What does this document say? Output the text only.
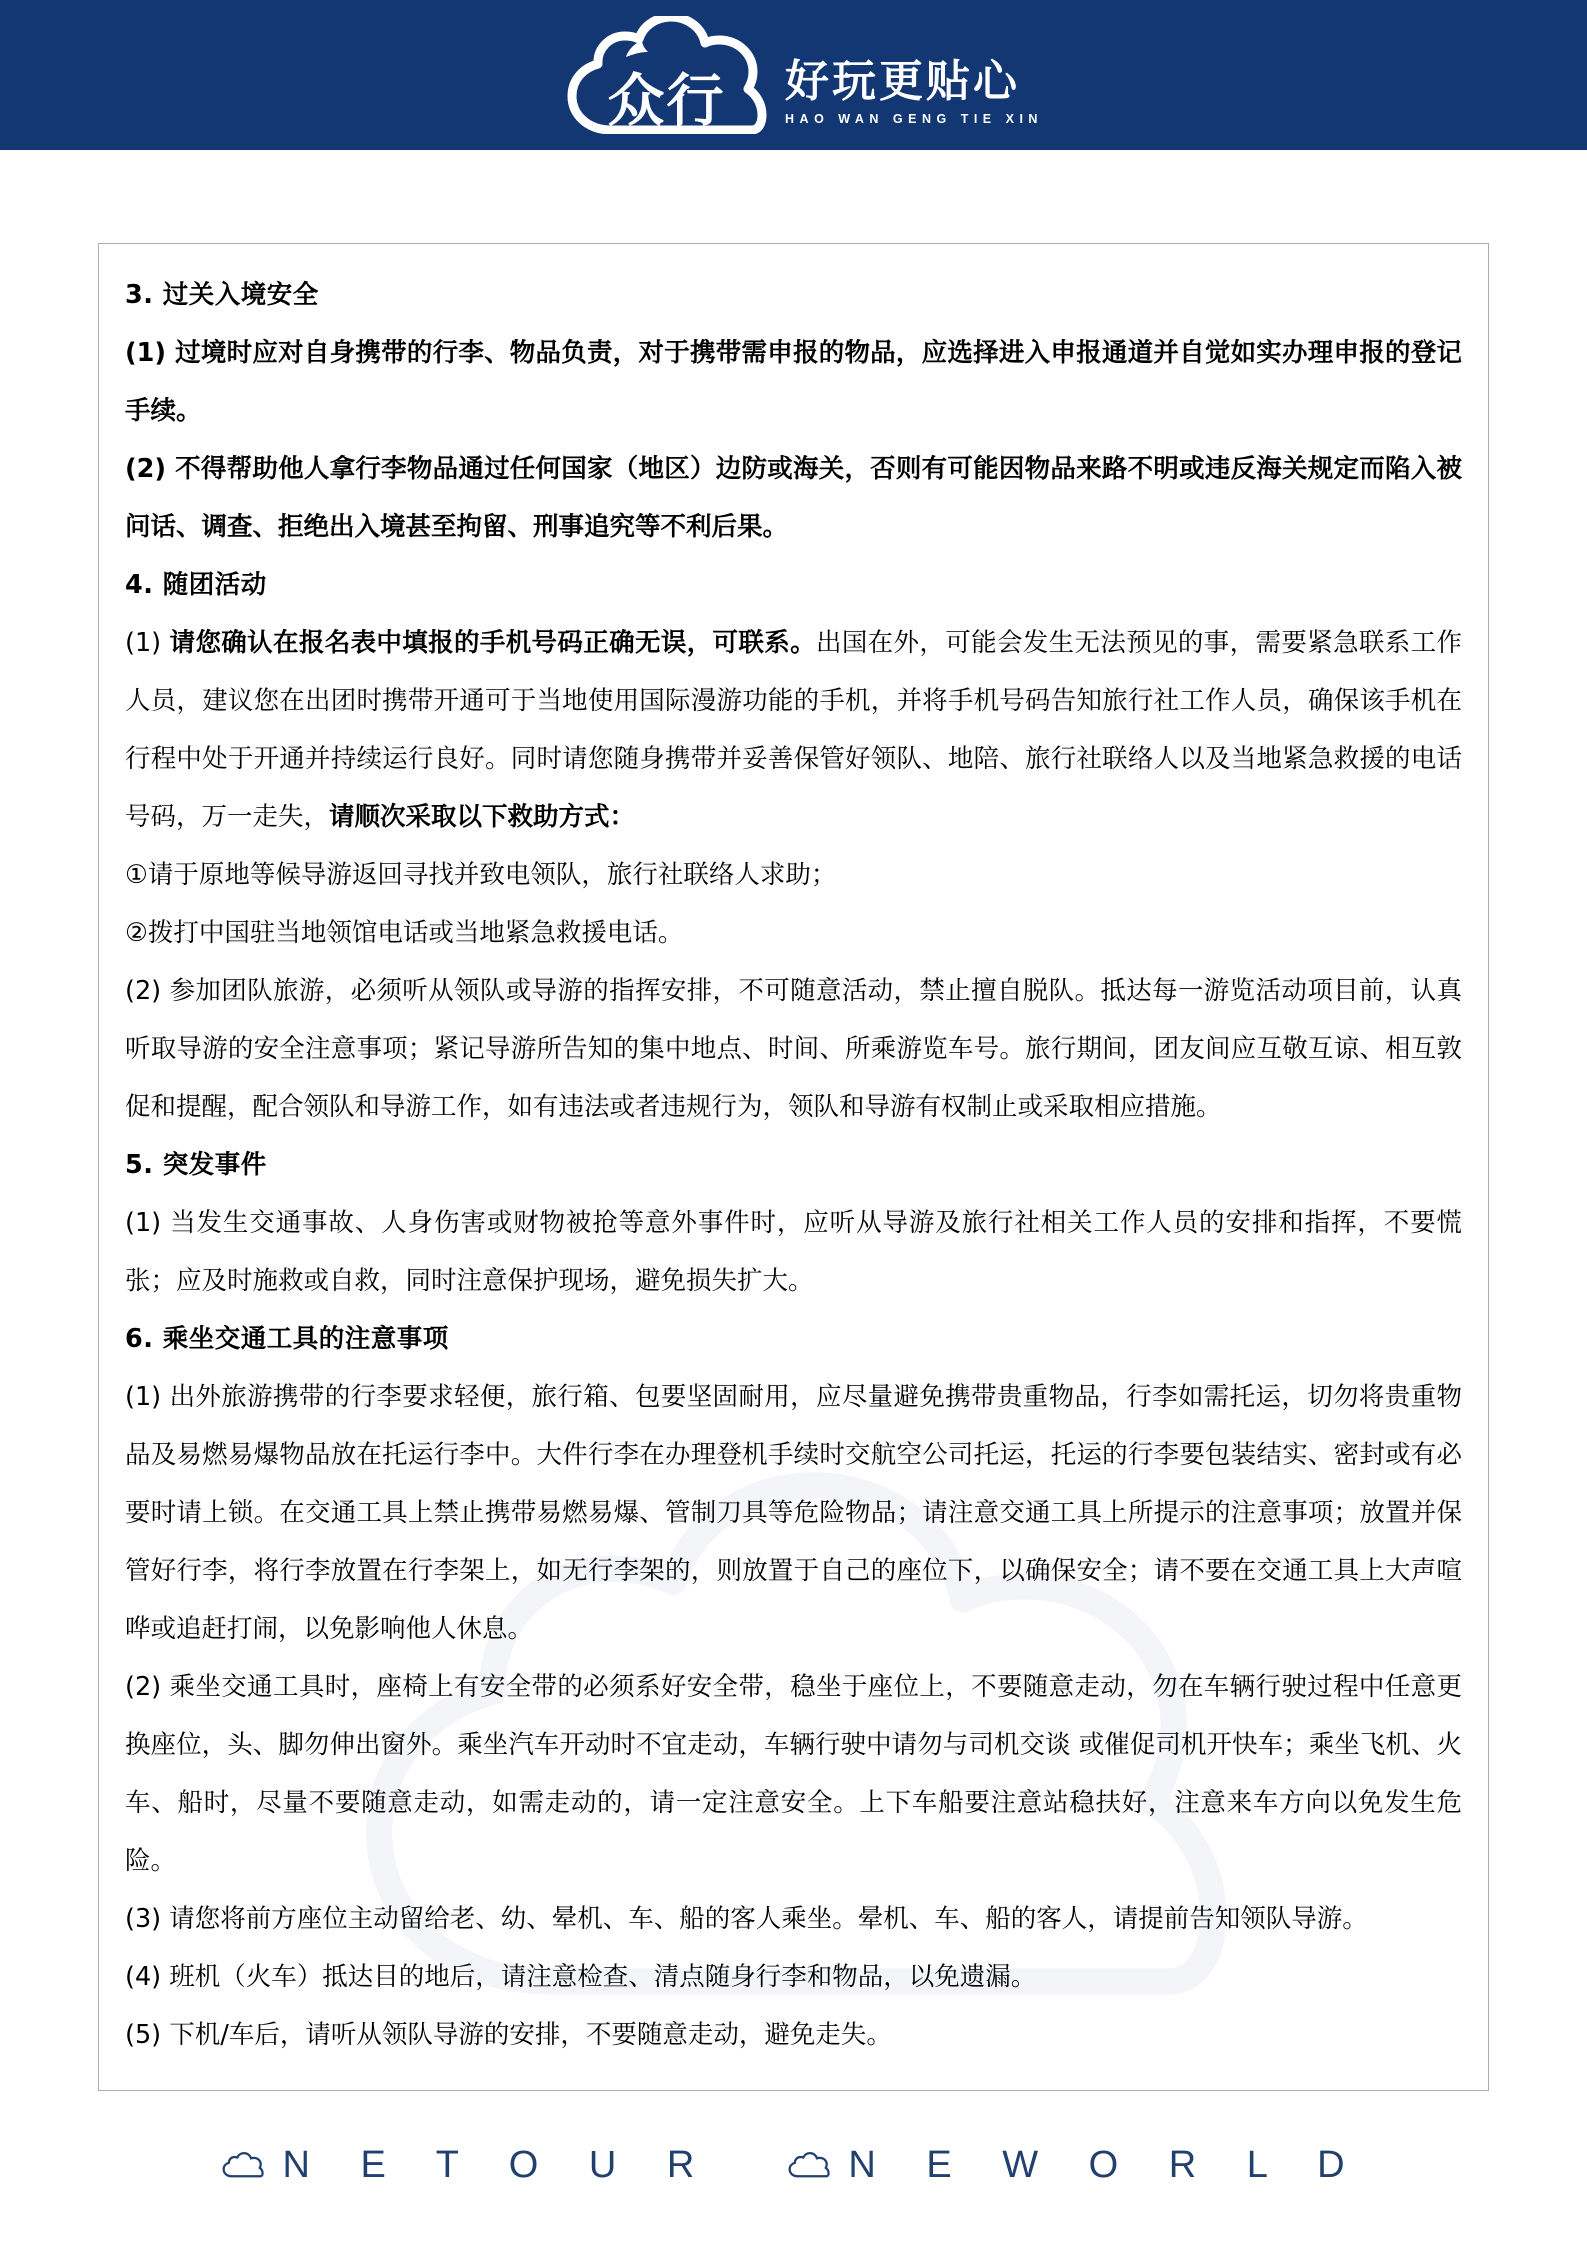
众行	好玩更贴心
HAO WAN GENG TIE XIN

3. 过关入境安全

(1) 过境时应对自身携带的行李、物品负责，对于携带需申报的物品，应选择进入申报通道并自觉如实办理申报的登记手续。

(2) 不得帮助他人拿行李物品通过任何国家（地区）边防或海关，否则有可能因物品来路不明或违反海关规定而陷入被问话、调查、拒绝出入境甚至拘留、刑事追究等不利后果。

4. 随团活动

(1) 请您确认在报名表中填报的手机号码正确无误，可联系。出国在外，可能会发生无法预见的事，需要紧急联系工作人员，建议您在出团时携带开通可于当地使用国际漫游功能的手机，并将手机号码告知旅行社工作人员，确保该手机在行程中处于开通并持续运行良好。同时请您随身携带并妥善保管好领队、地陪、旅行社联络人以及当地紧急救援的电话号码，万一走失，请顺次采取以下救助方式：

①请于原地等候导游返回寻找并致电领队，旅行社联络人求助；

②拨打中国驻当地领馆电话或当地紧急救援电话。

(2) 参加团队旅游，必须听从领队或导游的指挥安排，不可随意活动，禁止擅自脱队。抵达每一游览活动项目前，认真听取导游的安全注意事项；紧记导游所告知的集中地点、时间、所乘游览车号。旅行期间，团友间应互敬互谅、相互敦促和提醒，配合领队和导游工作，如有违法或者违规行为，领队和导游有权制止或采取相应措施。

5. 突发事件

(1) 当发生交通事故、人身伤害或财物被抢等意外事件时，应听从导游及旅行社相关工作人员的安排和指挥，不要慌张；应及时施救或自救，同时注意保护现场，避免损失扩大。

6. 乘坐交通工具的注意事项

(1) 出外旅游携带的行李要求轻便，旅行箱、包要坚固耐用，应尽量避免携带贵重物品，行李如需托运，切勿将贵重物品及易燃易爆物品放在托运行李中。大件行李在办理登机手续时交航空公司托运，托运的行李要包装结实、密封或有必要时请上锁。在交通工具上禁止携带易燃易爆、管制刀具等危险物品；请注意交通工具上所提示的注意事项；放置并保管好行李，将行李放置在行李架上，如无行李架的，则放置于自己的座位下，以确保安全；请不要在交通工具上大声喧哗或追赶打闹，以免影响他人休息。

(2) 乘坐交通工具时，座椅上有安全带的必须系好安全带，稳坐于座位上，不要随意走动，勿在车辆行驶过程中任意更换座位，头、脚勿伸出窗外。乘坐汽车开动时不宜走动，车辆行驶中请勿与司机交谈 或催促司机开快车；乘坐飞机、火车、船时，尽量不要随意走动，如需走动的，请一定注意安全。上下车船要注意站稳扶好，注意来车方向以免发生危险。

(3) 请您将前方座位主动留给老、幼、晕机、车、船的客人乘坐。晕机、车、船的客人，请提前告知领队导游。

(4) 班机（火车）抵达目的地后，请注意检查、清点随身行李和物品，以免遗漏。

(5) 下机/车后，请听从领队导游的安排，不要随意走动，避免走失。

N E T O U R	N E W O R L D
